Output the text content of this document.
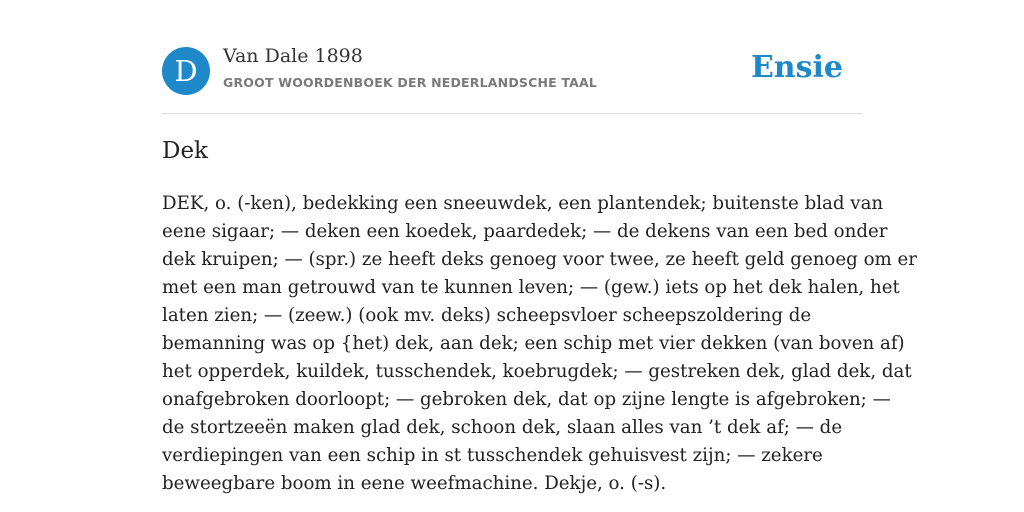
D	Van Dale 1898
GROOT WOORDENBOEK DER NEDERLANDSCHE TAAL	Ensie
Dek
DEK, o. (-ken), bedekking een sneeuwdek, een plantendek; buitenste blad van
eene sigaar; — deken een koedek, paardedek; — de dekens van een bed onder
dek kruipen; — (spr.) ze heeft deks genoeg voor twee, ze heeft geld genoeg om er
met een man getrouwd van te kunnen leven; — (gew.) iets op het dek halen, het
laten zien; — (zeew.) (ook mv. deks) scheepsvloer scheepszoldering de
bemanning was op {het) dek, aan dek; een schip met vier dekken (van boven af)
het opperdek, kuildek, tusschendek, koebrugdek; — gestreken dek, glad dek, dat
onafgebroken doorloopt; — gebroken dek, dat op zijne lengte is afgebroken; —
de stortzeeën maken glad dek, schoon dek, slaan alles van ’t dek af; — de
verdiepingen van een schip in st tusschendek gehuisvest zijn; — zekere
beweegbare boom in eene weefmachine. Dekje, o. (-s).
